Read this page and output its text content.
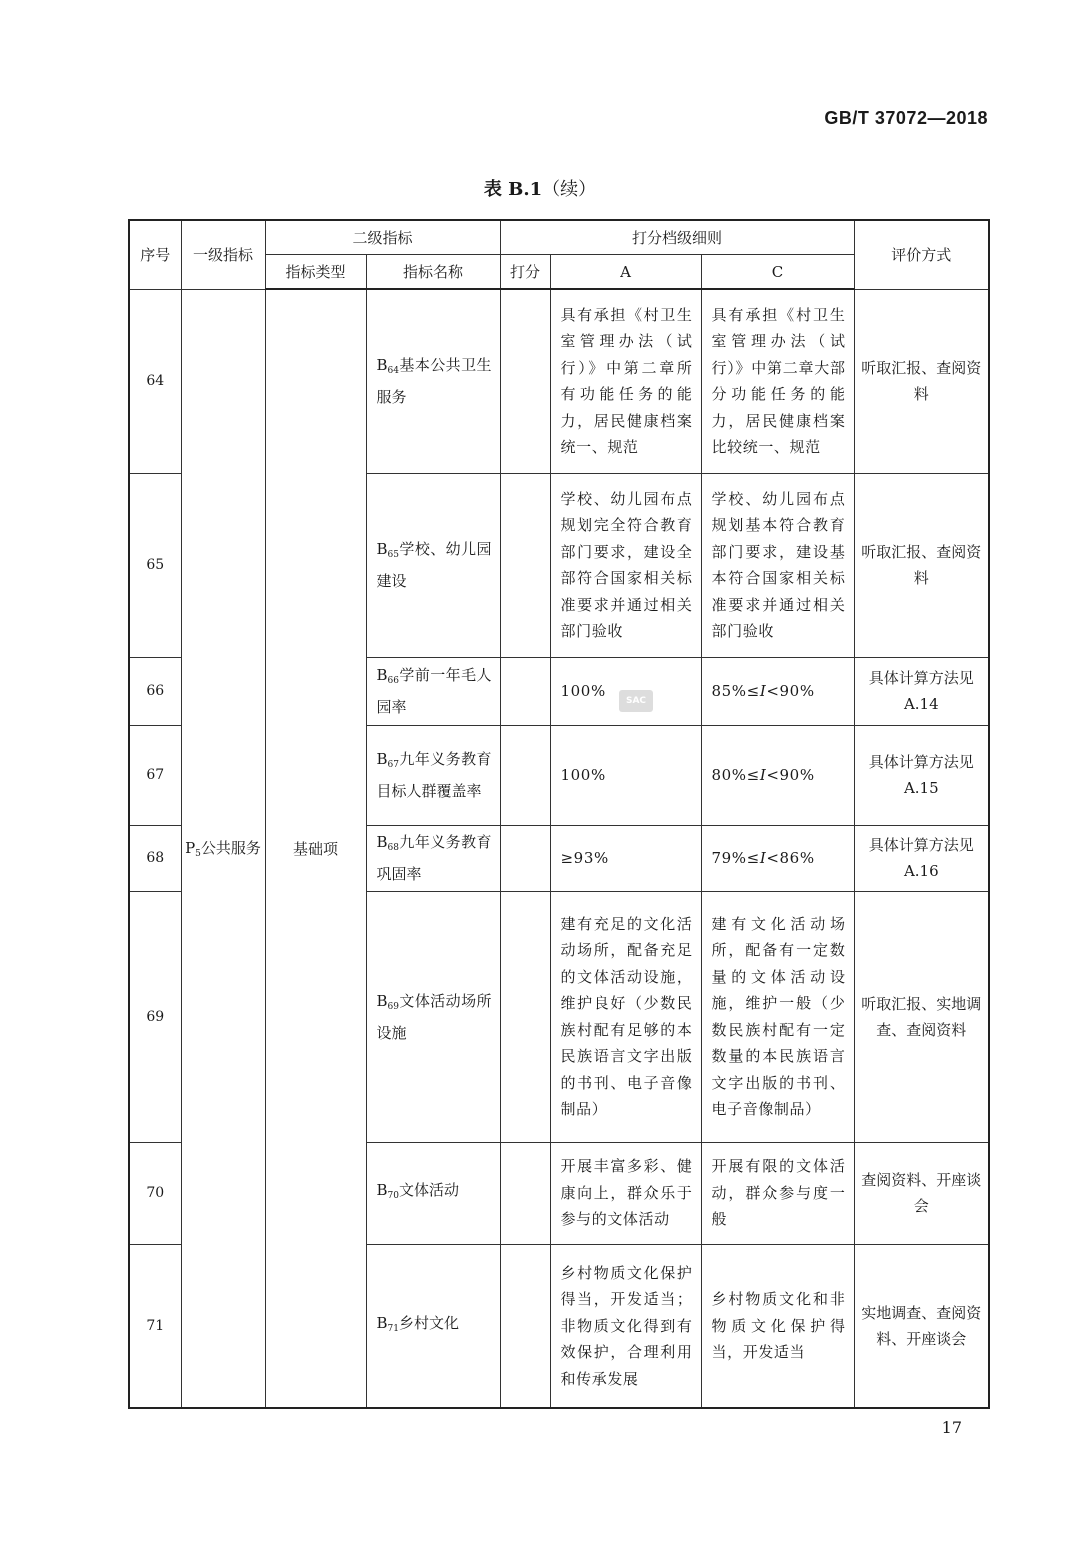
GB/T 37072—2018
表 B.1（续）
序号	一级指标	二级指标		打分档级细则			评价方式
		指标类型	指标名称	打分	A	C	
64	$P_5$公共服务	基础项	$B_{64}$基本公共卫生服务		具有承担《村卫生室管理办法（试行）》中第二章所有功能任务的能力，居民健康档案统一、规范	具有承担《村卫生室管理办法（试行）》中第二章大部分功能任务的能力，居民健康档案比较统一、规范	听取汇报、查阅资料
65			$B_{65}$学校、幼儿园建设		学校、幼儿园布点规划完全符合教育部门要求，建设全部符合国家相关标准要求并通过相关部门验收	学校、幼儿园布点规划基本符合教育部门要求，建设基本符合国家相关标准要求并通过相关部门验收	听取汇报、查阅资料
66			$B_{66}$学前一年毛人园率		100%	85%≤I<90%	具体计算方法见 A.14
67			$B_{67}$九年义务教育目标人群覆盖率		100%	80%≤I<90%	具体计算方法见 A.15
68			$B_{68}$九年义务教育巩固率		≥93%	79%≤I<86%	具体计算方法见 A.16
69			$B_{69}$文体活动场所设施		建有充足的文化活动场所，配备充足的文体活动设施，维护良好（少数民族村配有足够的本民族语言文字出版的书刊、电子音像制品）	建有文化活动场所，配备有一定数量的文体活动设施，维护一般（少数民族村配有一定数量的本民族语言文字出版的书刊、电子音像制品）	听取汇报、实地调查、查阅资料
70			$B_{70}$文体活动		开展丰富多彩、健康向上，群众乐于参与的文体活动	开展有限的文体活动，群众参与度一般	查阅资料、开座谈会
71			$B_{71}$乡村文化		乡村物质文化保护得当，开发适当；非物质文化得到有效保护，合理利用和传承发展	乡村物质文化和非物质文化保护得当，开发适当	实地调查、查阅资料、开座谈会
SAC
17
